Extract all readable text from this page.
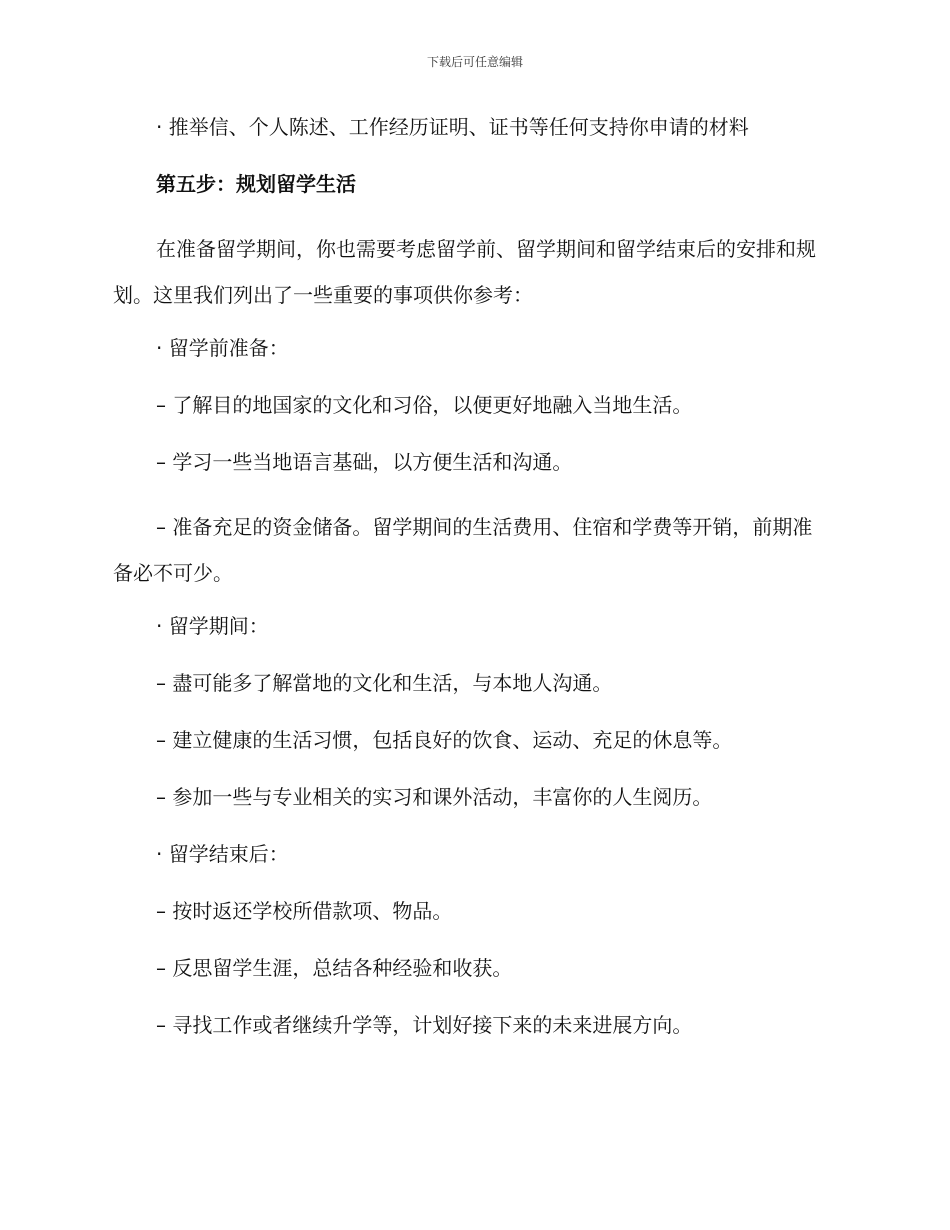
下载后可任意编辑

· 推举信、个人陈述、工作经历证明、证书等任何支持你申请的材料

第五步：规划留学生活

在准备留学期间，你也需要考虑留学前、留学期间和留学结束后的安排和规划。这里我们列出了一些重要的事项供你参考：

· 留学前准备：

– 了解目的地国家的文化和习俗，以便更好地融入当地生活。

– 学习一些当地语言基础，以方便生活和沟通。

– 准备充足的资金储备。留学期间的生活费用、住宿和学费等开销，前期准备必不可少。

· 留学期间：

– 盡可能多了解當地的文化和生活，与本地人沟通。

– 建立健康的生活习惯，包括良好的饮食、运动、充足的休息等。

– 参加一些与专业相关的实习和课外活动，丰富你的人生阅历。

· 留学结束后：

– 按时返还学校所借款项、物品。

– 反思留学生涯，总结各种经验和收获。

– 寻找工作或者继续升学等，计划好接下来的未来进展方向。
